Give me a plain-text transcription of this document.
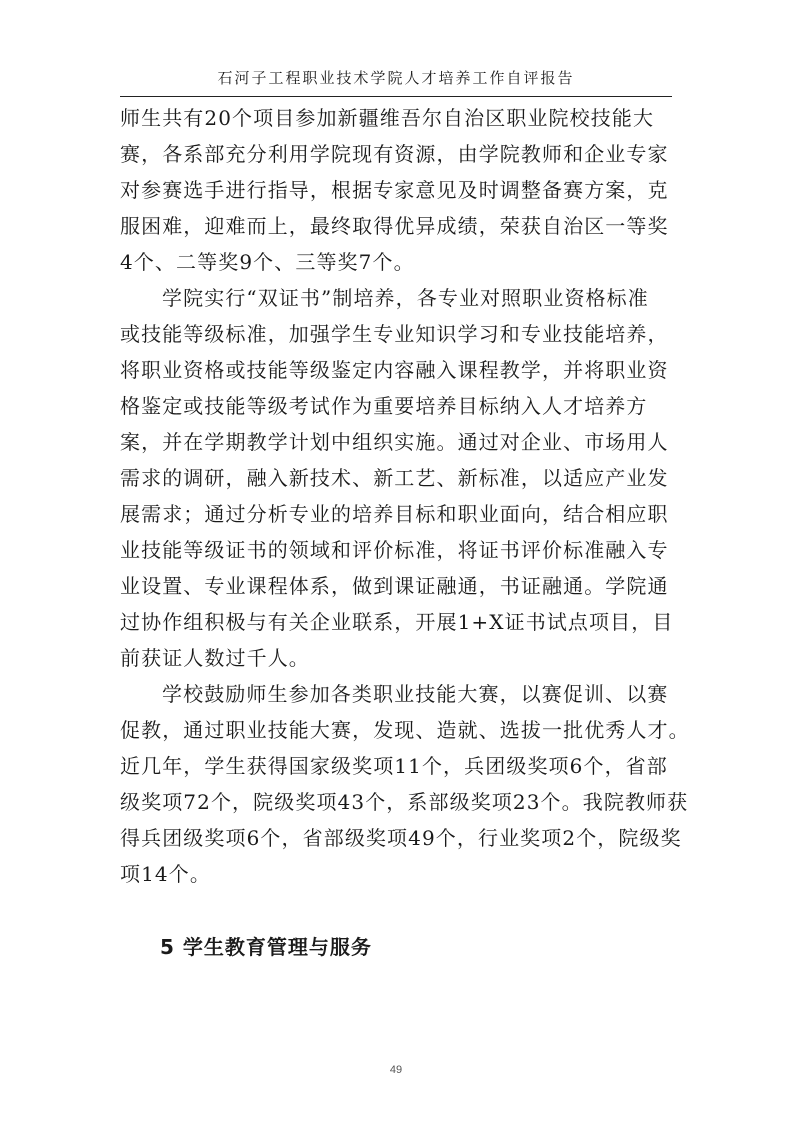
石河子工程职业技术学院人才培养工作自评报告
师生共有20个项目参加新疆维吾尔自治区职业院校技能大
赛，各系部充分利用学院现有资源，由学院教师和企业专家
对参赛选手进行指导，根据专家意见及时调整备赛方案，克
服困难，迎难而上，最终取得优异成绩，荣获自治区一等奖
4个、二等奖9个、三等奖7个。
学院实行“双证书”制培养，各专业对照职业资格标准
或技能等级标准，加强学生专业知识学习和专业技能培养，
将职业资格或技能等级鉴定内容融入课程教学，并将职业资
格鉴定或技能等级考试作为重要培养目标纳入人才培养方
案，并在学期教学计划中组织实施。通过对企业、市场用人
需求的调研，融入新技术、新工艺、新标准，以适应产业发
展需求；通过分析专业的培养目标和职业面向，结合相应职
业技能等级证书的领域和评价标准，将证书评价标准融入专
业设置、专业课程体系，做到课证融通，书证融通。学院通
过协作组积极与有关企业联系，开展1+X证书试点项目，目
前获证人数过千人。
学校鼓励师生参加各类职业技能大赛，以赛促训、以赛
促教，通过职业技能大赛，发现、造就、选拔一批优秀人才。
近几年，学生获得国家级奖项11个，兵团级奖项6个，省部
级奖项72个，院级奖项43个，系部级奖项23个。我院教师获
得兵团级奖项6个，省部级奖项49个，行业奖项2个，院级奖
项14个。
5 学生教育管理与服务
49
